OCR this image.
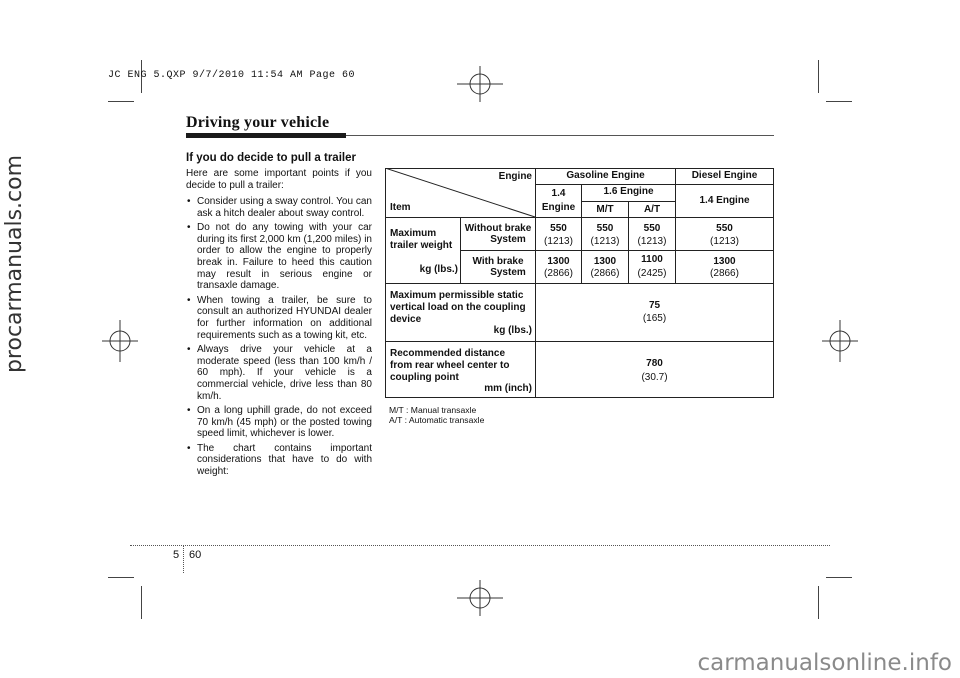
procarmanuals.com
JC ENG 5.QXP 9/7/2010 11:54 AM Page 60
Driving your vehicle
If you do decide to pull a trailer

Here are some important points if you decide to pull a trailer:

• Consider using a sway control. You can ask a hitch dealer about sway control.
• Do not do any towing with your car during its first 2,000 km (1,200 miles) in order to allow the engine to properly break in. Failure to heed this caution may result in serious engine or transaxle damage.
• When towing a trailer, be sure to consult an authorized HYUNDAI dealer for further information on additional requirements such as a towing kit, etc.
• Always drive your vehicle at a moderate speed (less than 100 km/h / 60 mph). If your vehicle is a commercial vehicle, drive less than 80 km/h.
• On a long uphill grade, do not exceed 70 km/h (45 mph) or the posted towing speed limit, whichever is lower.
• The chart contains important considerations that have to do with weight:
Engine
Item
Gasoline Engine	Diesel Engine
1.4
Engine
1.6 Engine
M/T	A/T
1.4 Engine
Maximum
trailer weight
kg (lbs.)
Without brake
System
With brake
System
550
(1213)
550
(1213)
550
(1213)
550
(1213)
1300
(2866)
1300
(2866)
1100
(2425)
1300
(2866)
Maximum permissible static
vertical load on the coupling
device
kg (lbs.)
75
(165)
Recommended distance
from rear wheel center to
coupling point
mm (inch)
780
(30.7)
M/T : Manual transaxle
A/T : Automatic transaxle
5 60
carmanualsonline.info
